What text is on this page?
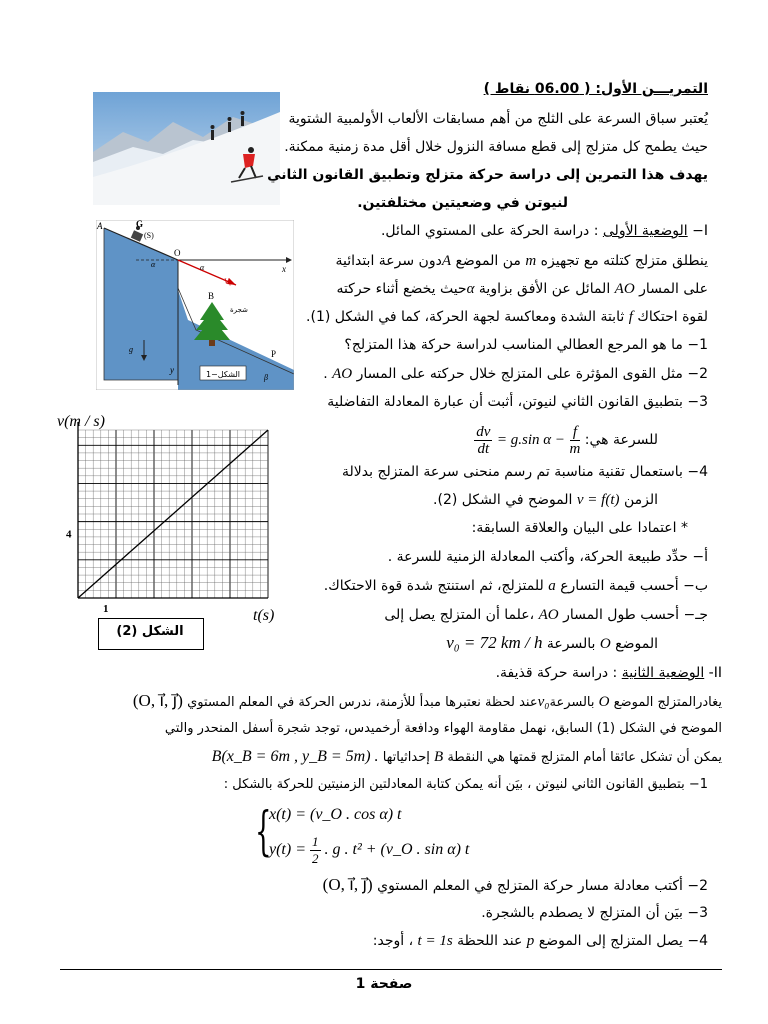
A	G
(S)
O
x
y
B
P
α
α
β
V₀
g
شجرة
الشكل−1
v(m / s)
4
1	t(s)
الشكل (2)
التمريـــن الأول: ( 06.00 نقاط )
يُعتبر سباق السرعة على الثلج من أهم مسابقات الألعاب الأولمبية الشتوية
حيث يطمح كل متزلج إلى قطع مسافة النزول خلال أقل مدة زمنية ممكنة.
يهدف هذا التمرين إلى دراسة حركة متزلج وتطبيق القانون الثاني
لنيوتن في وضعيتين مختلفتين.
I− الوضعية الأولى : دراسة الحركة على المستوي المائل.
ينطلق متزلج كتلته مع تجهيزه m من الموضع Aدون سرعة ابتدائية
على المسار AO المائل عن الأفق بزاوية αحيث يخضع أثناء حركته
لقوة احتكاك f ثابتة الشدة ومعاكسة لجهة الحركة، كما في الشكل (1).
1− ما هو المرجع العطالي المناسب لدراسة حركة هذا المتزلج؟
2− مثل القوى المؤثرة على المتزلج خلال حركته على المسار AO .
3− بتطبيق القانون الثاني لنيوتن، أثبت أن عبارة المعادلة التفاضلية
للسرعة هي:
$\frac{dv}{dt} = g.\sin$ $\alpha - \frac{f}{m}$
4− باستعمال تقنية مناسبة تم رسم منحنى سرعة المتزلج بدلالة
الزمن v = f(t) الموضح في الشكل (2).
* اعتمادا على البيان والعلاقة السابقة:
أ− حدِّد طبيعة الحركة، وأكتب المعادلة الزمنية للسرعة .
ب− أحسب قيمة التسارع a للمتزلج، ثم استنتج شدة قوة الاحتكاك.
جـ− أحسب طول المسار AO ،علما أن المتزلج يصل إلى
الموضع O بالسرعة v₀ = 72 km / h
II- الوضعية الثانية : دراسة حركة قذيفة.
يغادرالمتزلج الموضع O بالسرعةv₀عند لحظة نعتبرها مبدأ للأزمنة، ندرس الحركة في المعلم المستوي (O, i⃗, j⃗)
الموضح في الشكل (1) السابق، نهمل مقاومة الهواء ودافعة أرخميدس، توجد شجرة أسفل المنحدر والتي
يمكن أن تشكل عائقا أمام المتزلج قمتها هي النقطة B إحداثياتها B(x_B = 6m , y_B = 5m) .
1− بتطبيق القانون الثاني لنيوتن ، بيَن أنه يمكن كتابة المعادلتين الزمنيتين للحركة بالشكل :
{
x(t) = (v_O . cos α) t
$y(t) = \frac{1}{2}$ . g . t² + (v_O . sin α) t
2− أكتب معادلة مسار حركة المتزلج في المعلم المستوي (O, i⃗, j⃗)
3− بيَن أن المتزلج لا يصطدم بالشجرة.
4− يصل المتزلج إلى الموضع p عند اللحظة t = 1s ، أوجد:
صفحة 1
